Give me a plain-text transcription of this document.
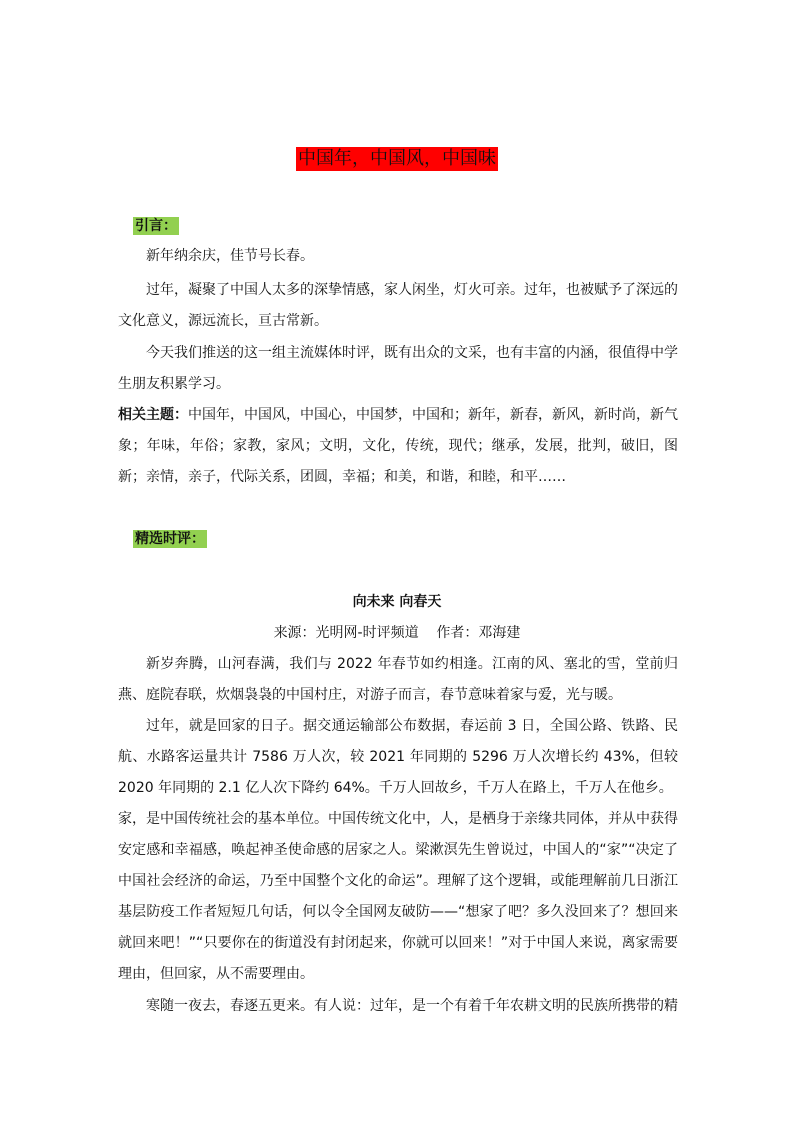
中国年，中国风，中国味
引言：

新年纳余庆，佳节号长春。

过年，凝聚了中国人太多的深挚情感，家人闲坐，灯火可亲。过年，也被赋予了深远的文化意义，源远流长，亘古常新。

今天我们推送的这一组主流媒体时评，既有出众的文采，也有丰富的内涵，很值得中学生朋友积累学习。

相关主题：中国年，中国风，中国心，中国梦，中国和；新年，新春，新风，新时尚，新气象；年味，年俗；家教，家风；文明，文化，传统，现代；继承，发展，批判，破旧，图新；亲情，亲子，代际关系，团圆，幸福；和美，和谐，和睦，和平……

精选时评：
向未来 向春天
来源：光明网-时评频道    作者：邓海建

新岁奔腾，山河春满，我们与 2022 年春节如约相逢。江南的风、塞北的雪，堂前归燕、庭院春联，炊烟袅袅的中国村庄，对游子而言，春节意味着家与爱，光与暖。

过年，就是回家的日子。据交通运输部公布数据，春运前 3 日，全国公路、铁路、民航、水路客运量共计 7586 万人次，较 2021 年同期的 5296 万人次增长约 43%，但较 2020 年同期的 2.1 亿人次下降约 64%。千万人回故乡，千万人在路上，千万人在他乡。

家，是中国传统社会的基本单位。中国传统文化中，人，是栖身于亲缘共同体，并从中获得安定感和幸福感，唤起神圣使命感的居家之人。梁漱溟先生曾说过，中国人的“家”“决定了中国社会经济的命运，乃至中国整个文化的命运”。理解了这个逻辑，或能理解前几日浙江基层防疫工作者短短几句话，何以令全国网友破防——“想家了吧？多久没回来了？想回来就回来吧！”“只要你在的街道没有封闭起来，你就可以回来！”对于中国人来说，离家需要理由，但回家，从不需要理由。

寒随一夜去，春逐五更来。有人说：过年，是一个有着千年农耕文明的民族所携带的精
